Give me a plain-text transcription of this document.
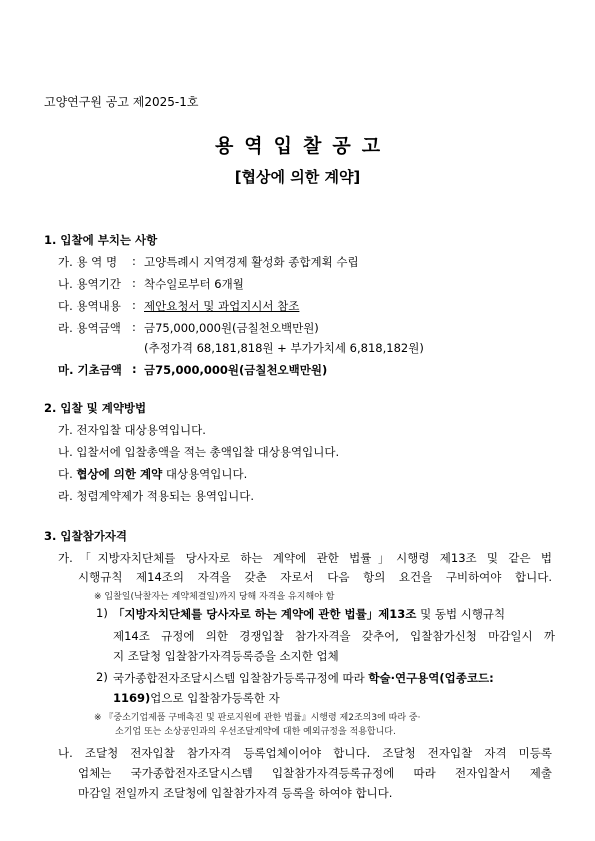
고양연구원 공고 제2025-1호
용역입찰공고
[협상에 의한 계약]
1. 입찰에 부치는 사항
가. 용 역 명 : 고양특례시 지역경제 활성화 종합계획 수립
나. 용역기간 : 착수일로부터 6개월
다. 용역내용 : 제안요청서 및 과업지시서 참조
라. 용역금액 : 금75,000,000원(금칠천오백만원)
(추정가격 68,181,818원 + 부가가치세 6,818,182원)
마. 기초금액 : 금75,000,000원(금칠천오백만원)
2. 입찰 및 계약방법
가. 전자입찰 대상용역입니다.
나. 입찰서에 입찰총액을 적는 총액입찰 대상용역입니다.
다. 협상에 의한 계약 대상용역입니다.
라. 청렴계약제가 적용되는 용역입니다.
3. 입찰참가자격
가.「지방자치단체를 당사자로 하는 계약에 관한 법률」시행령 제13조 및 같은 법
시행규칙 제14조의 자격을 갖춘 자로서 다음 항의 요건을 구비하여야 합니다.
※ 입찰일(낙찰자는 계약체결일)까지 당해 자격을 유지해야 함
1) 「지방자치단체를 당사자로 하는 계약에 관한 법률」제13조 및 동법 시행규칙
제14조 규정에 의한 경쟁입찰 참가자격을 갖추어, 입찰참가신청 마감일시 까
지 조달청 입찰참가자격등록증을 소지한 업체
2) 국가종합전자조달시스템 입찰참가등록규정에 따라 학술·연구용역(업종코드:
1169)업으로 입찰참가등록한 자
※ 『중소기업제품 구매촉진 및 판로지원에 관한 법률』시행령 제2조의3에 따라 중·
소기업 또는 소상공인과의 우선조달계약에 대한 예외규정을 적용합니다.
나. 조달청 전자입찰 참가자격 등록업체이어야 합니다. 조달청 전자입찰 자격 미등록
업체는 국가종합전자조달시스템 입찰참가자격등록규정에 따라 전자입찰서 제출
마감일 전일까지 조달청에 입찰참가자격 등록을 하여야 합니다.
